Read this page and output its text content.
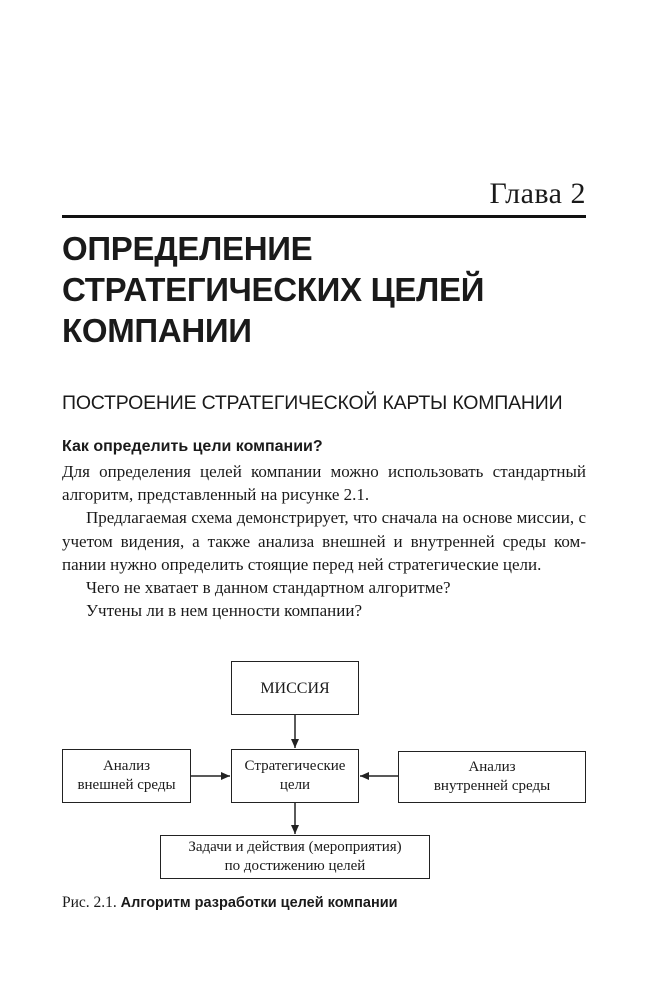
Глава 2
ОПРЕДЕЛЕНИЕ
СТРАТЕГИЧЕСКИХ ЦЕЛЕЙ
КОМПАНИИ
ПОСТРОЕНИЕ СТРАТЕГИЧЕСКОЙ КАРТЫ КОМПАНИИ
Как определить цели компании?

Для определения целей компании можно использовать стандартный алгоритм, представленный на рисунке 2.1.

Предлагаемая схема демонстрирует, что сначала на основе миссии, с учетом видения, а также анализа внешней и внутренней среды компании нужно определить стоящие перед ней стратегические цели.

Чего не хватает в данном стандартном алгоритме?

Учтены ли в нем ценности компании?

МИССИЯ
Анализ
внешней среды
Стратегические
цели
Анализ
внутренней среды
Задачи и действия (мероприятия)
по достижению целей
Рис. 2.1. Алгоритм разработки целей компании
